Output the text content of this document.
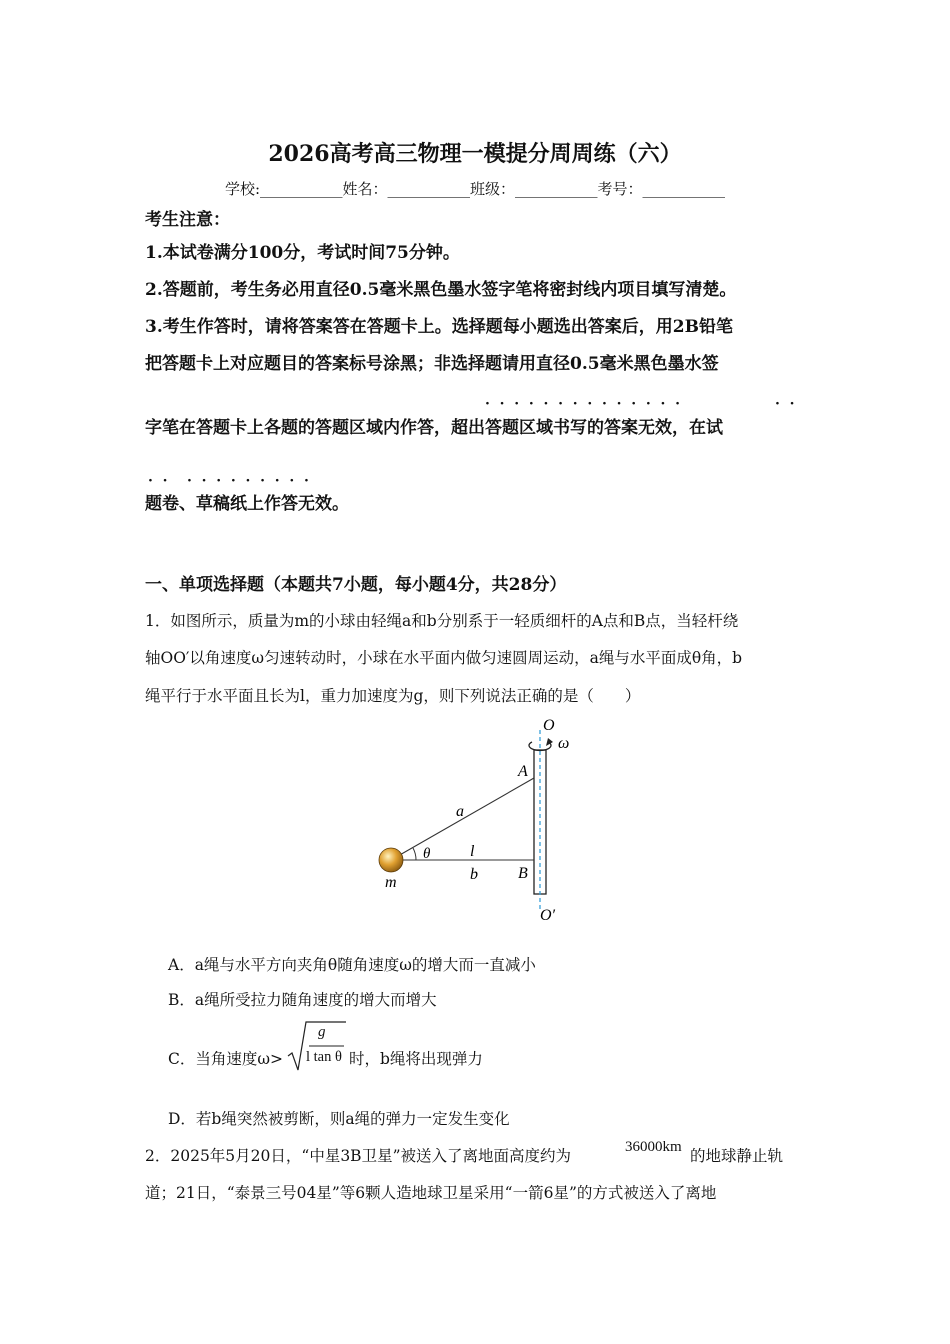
2026高考高三物理一模提分周周练（六）
学校:___________姓名：___________班级：___________考号：___________
考生注意：
1.本试卷满分100分，考试时间75分钟。
2.答题前，考生务必用直径0.5毫米黑色墨水签字笔将密封线内项目填写清楚。
3.考生作答时，请将答案答在答题卡上。选择题每小题选出答案后，用2B铅笔
把答题卡上对应题目的答案标号涂黑；非选择题请用直径0.5毫米黑色墨水签
·  ·  ·  ·  ·  ·  ·  ·  ·  ·  ·  ·  ·  ·	·  ·
字笔在答题卡上各题的答题区域内作答，超出答题区域书写的答案无效，在试
·  ·    ·  ·  ·  ·  ·  ·  ·  ·  ·
题卷、草稿纸上作答无效。
一、单项选择题（本题共7小题，每小题4分，共28分）
1．如图所示，质量为m的小球由轻绳a和b分别系于一轻质细杆的A点和B点，当轻杆绕
轴OO′以角速度ω匀速转动时，小球在水平面内做匀速圆周运动，a绳与水平面成θ角，b
绳平行于水平面且长为l，重力加速度为g，则下列说法正确的是（　　）
O
ω
A
a
θ l
m	b	B
O′
A．a绳与水平方向夹角θ随角速度ω的增大而一直减小
B．a绳所受拉力随角速度的增大而增大
C．当角速度ω>
g
l tan θ 时，b绳将出现弹力
D．若b绳突然被剪断，则a绳的弹力一定发生变化
2．2025年5月20日，“中星3B卫星”被送入了离地面高度约为	36000km 的地球静止轨
道；21日，“泰景三号04星”等6颗人造地球卫星采用“一箭6星”的方式被送入了离地
